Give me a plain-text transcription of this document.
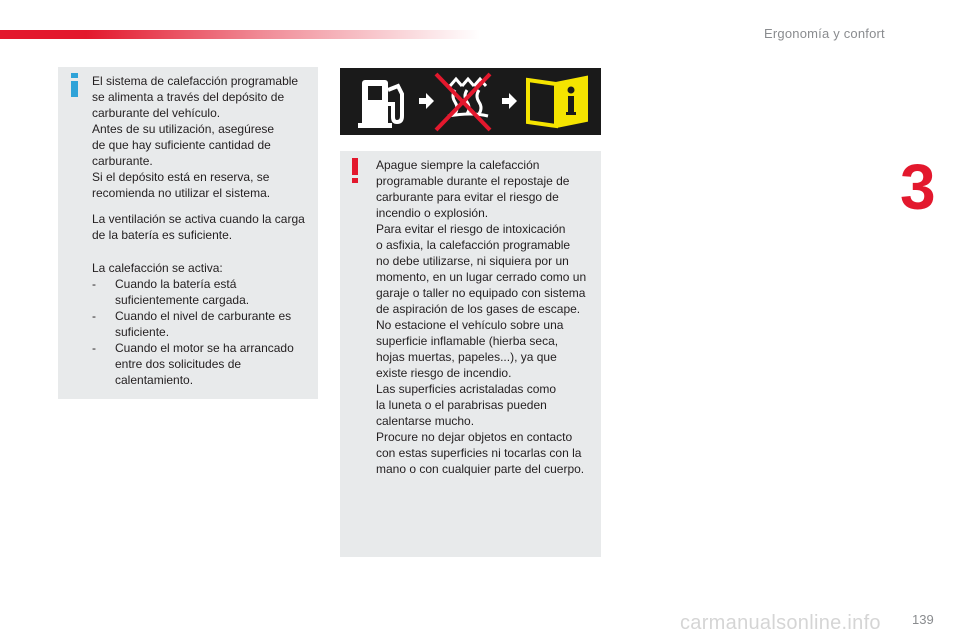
Ergonomía y confort
3
El sistema de calefacción programable
se alimenta a través del depósito de
carburante del vehículo.
Antes de su utilización, asegúrese
de que hay suficiente cantidad de
carburante.
Si el depósito está en reserva, se
recomienda no utilizar el sistema.
La ventilación se activa cuando la carga
de la batería es suficiente.
La calefacción se activa:
- Cuando la batería está
suficientemente cargada.
- Cuando el nivel de carburante es
suficiente.
- Cuando el motor se ha arrancado
entre dos solicitudes de
calentamiento.
Apague siempre la calefacción
programable durante el repostaje de
carburante para evitar el riesgo de
incendio o explosión.
Para evitar el riesgo de intoxicación
o asfixia, la calefacción programable
no debe utilizarse, ni siquiera por un
momento, en un lugar cerrado como un
garaje o taller no equipado con sistema
de aspiración de los gases de escape.
No estacione el vehículo sobre una
superficie inflamable (hierba seca,
hojas muertas, papeles...), ya que
existe riesgo de incendio.
Las superficies acristaladas como
la luneta o el parabrisas pueden
calentarse mucho.
Procure no dejar objetos en contacto
con estas superficies ni tocarlas con la
mano o con cualquier parte del cuerpo.
carmanualsonline.info 139
